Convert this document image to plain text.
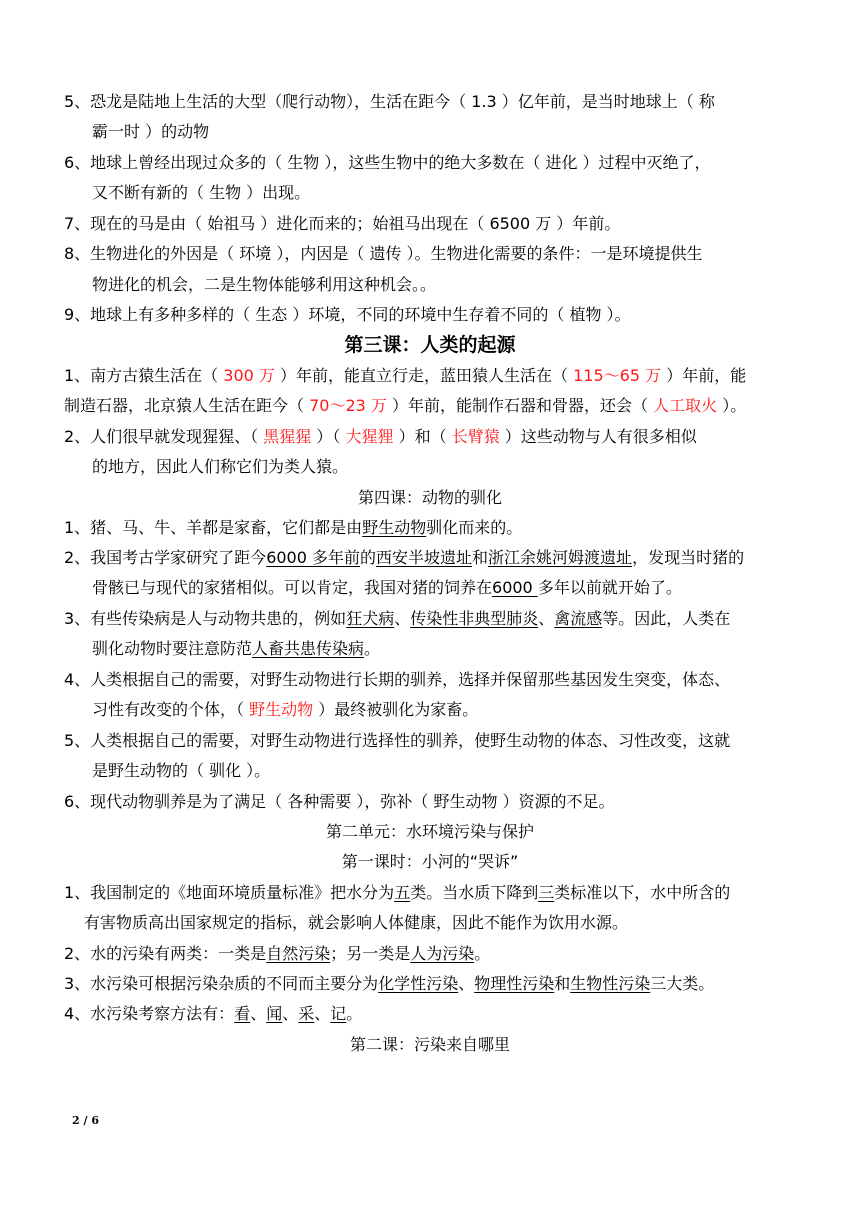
5、恐龙是陆地上生活的大型（爬行动物），生活在距今（ 1.3 ）亿年前，是当时地球上（ 称
霸一时 ）的动物
6、地球上曾经出现过众多的（ 生物 ），这些生物中的绝大多数在（ 进化 ）过程中灭绝了，
又不断有新的（ 生物 ）出现。
7、现在的马是由（ 始祖马 ）进化而来的；始祖马出现在（ 6500 万 ）年前。
8、生物进化的外因是（ 环境 ），内因是（ 遗传 ）。生物进化需要的条件：一是环境提供生
物进化的机会，二是生物体能够利用这种机会。。
9、地球上有多种多样的（ 生态 ）环境，不同的环境中生存着不同的（ 植物 ）。
第三课：人类的起源
1、南方古猿生活在（ 300 万 ）年前，能直立行走，蓝田猿人生活在（ 115～65 万 ）年前，能
制造石器，北京猿人生活在距今（ 70～23 万 ）年前，能制作石器和骨器，还会（ 人工取火 ）。
2、人们很早就发现猩猩、（ 黑猩猩 ）（ 大猩狸 ）和（ 长臂猿 ）这些动物与人有很多相似
的地方，因此人们称它们为类人猿。
第四课：动物的驯化
1、猪、马、牛、羊都是家畜，它们都是由野生动物驯化而来的。
2、我国考古学家研究了距今6000 多年前的西安半坡遗址和浙江余姚河姆渡遗址，发现当时猪的
骨骸已与现代的家猪相似。可以肯定，我国对猪的饲养在6000 多年以前就开始了。
3、有些传染病是人与动物共患的，例如狂犬病、传染性非典型肺炎、禽流感等。因此，人类在
驯化动物时要注意防范人畜共患传染病。
4、人类根据自己的需要，对野生动物进行长期的驯养，选择并保留那些基因发生突变，体态、
习性有改变的个体，（ 野生动物 ）最终被驯化为家畜。
5、人类根据自己的需要，对野生动物进行选择性的驯养，使野生动物的体态、习性改变，这就
是野生动物的（ 驯化 ）。
6、现代动物驯养是为了满足（ 各种需要 ），弥补（ 野生动物 ）资源的不足。
第二单元：水环境污染与保护
第一课时：小河的“哭诉”
1、我国制定的《地面环境质量标准》把水分为五类。当水质下降到三类标准以下，水中所含的
有害物质高出国家规定的指标，就会影响人体健康，因此不能作为饮用水源。
2、水的污染有两类：一类是自然污染；另一类是人为污染。
3、水污染可根据污染杂质的不同而主要分为化学性污染、物理性污染和生物性污染三大类。
4、水污染考察方法有：看、闻、采、记。
第二课：污染来自哪里
2 / 6
